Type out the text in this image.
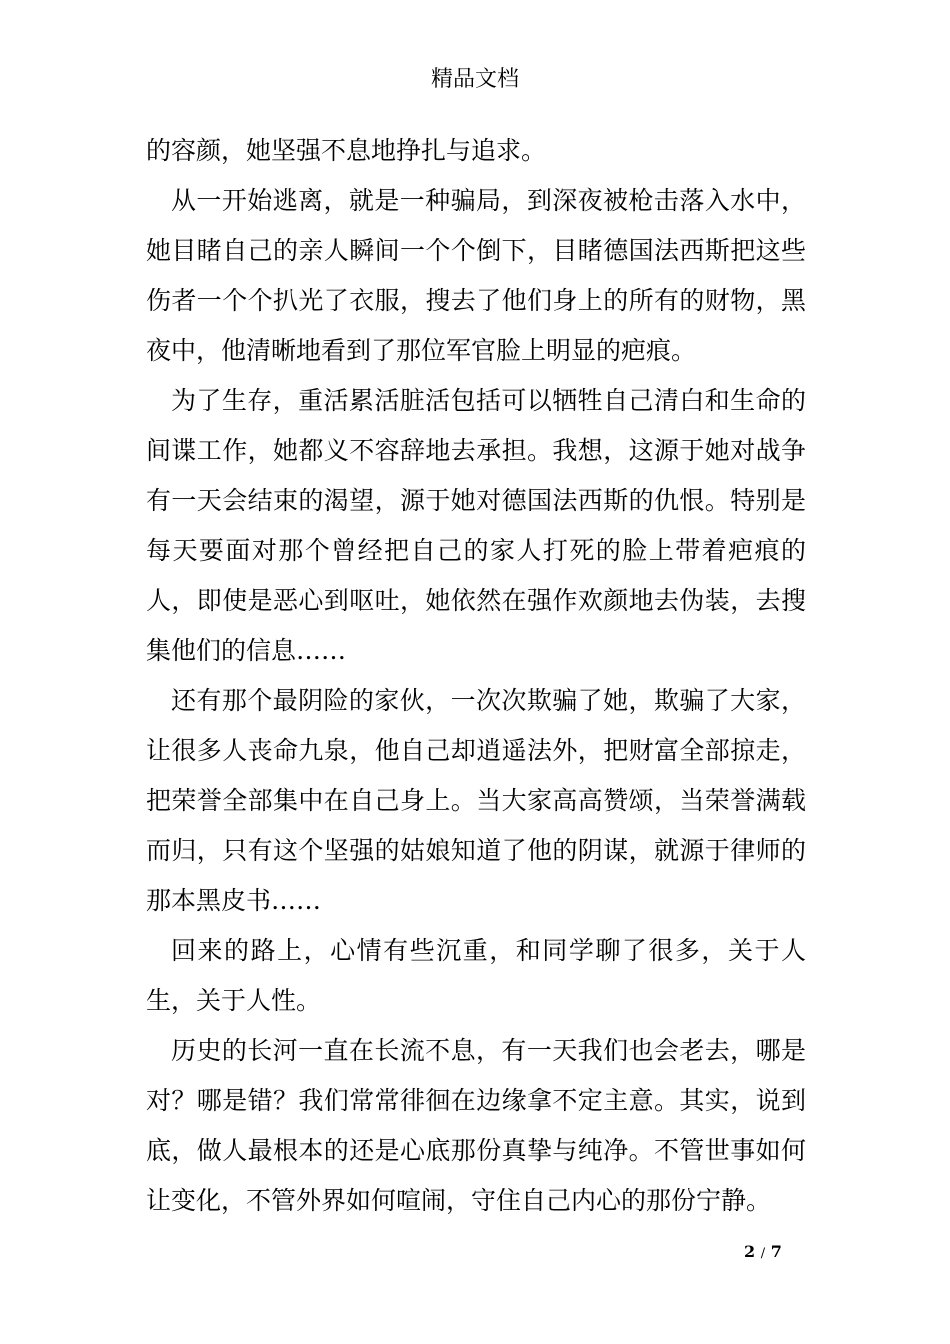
精品文档

的容颜，她坚强不息地挣扎与追求。

从一开始逃离，就是一种骗局，到深夜被枪击落入水中，她目睹自己的亲人瞬间一个个倒下，目睹德国法西斯把这些伤者一个个扒光了衣服，搜去了他们身上的所有的财物，黑夜中，他清晰地看到了那位军官脸上明显的疤痕。

为了生存，重活累活脏活包括可以牺牲自己清白和生命的间谍工作，她都义不容辞地去承担。我想，这源于她对战争有一天会结束的渴望，源于她对德国法西斯的仇恨。特别是每天要面对那个曾经把自己的家人打死的脸上带着疤痕的人，即使是恶心到呕吐，她依然在强作欢颜地去伪装，去搜集他们的信息……

还有那个最阴险的家伙，一次次欺骗了她，欺骗了大家，让很多人丧命九泉，他自己却逍遥法外，把财富全部掠走，把荣誉全部集中在自己身上。当大家高高赞颂，当荣誉满载而归，只有这个坚强的姑娘知道了他的阴谋，就源于律师的那本黑皮书……

回来的路上，心情有些沉重，和同学聊了很多，关于人生，关于人性。

历史的长河一直在长流不息，有一天我们也会老去，哪是对？哪是错？我们常常徘徊在边缘拿不定主意。其实，说到底，做人最根本的还是心底那份真挚与纯净。不管世事如何让变化，不管外界如何喧闹，守住自己内心的那份宁静。

2 / 7
